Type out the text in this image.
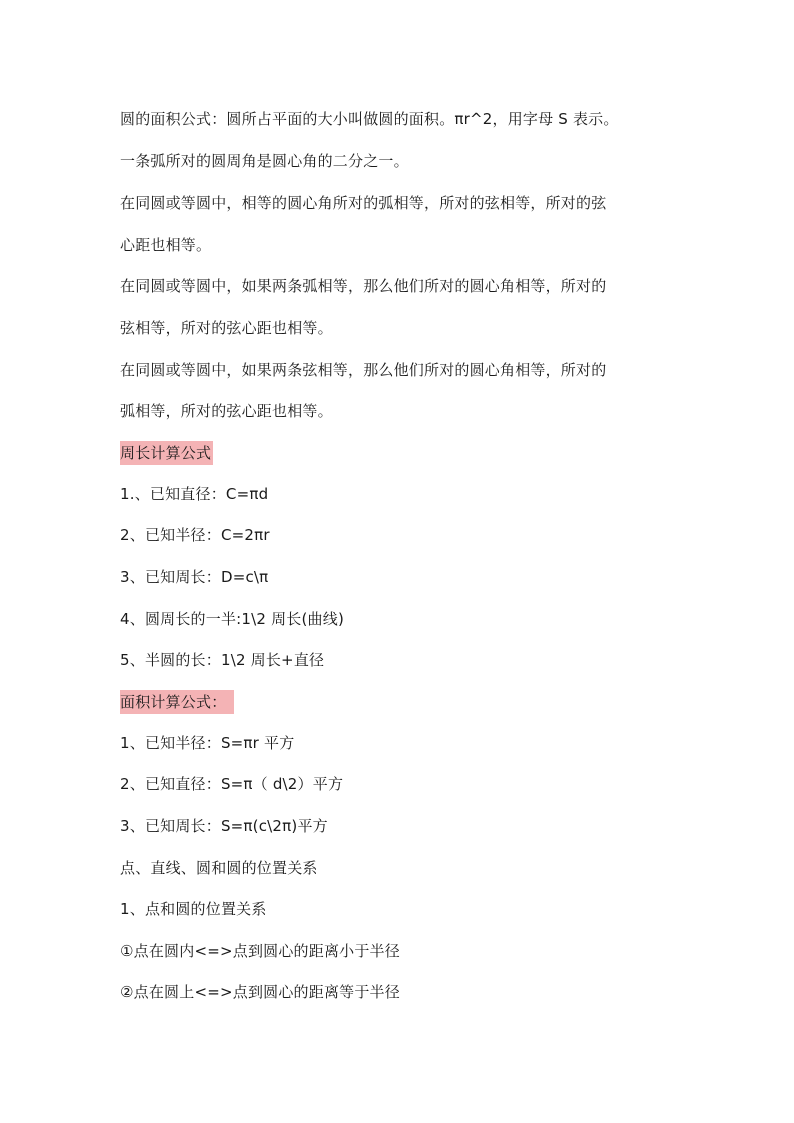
圆的面积公式：圆所占平面的大小叫做圆的面积。πr^2，用字母 S 表示。
一条弧所对的圆周角是圆心角的二分之一。
在同圆或等圆中，相等的圆心角所对的弧相等，所对的弦相等，所对的弦
心距也相等。
在同圆或等圆中，如果两条弧相等，那么他们所对的圆心角相等，所对的
弦相等，所对的弦心距也相等。
在同圆或等圆中，如果两条弦相等，那么他们所对的圆心角相等，所对的
弧相等，所对的弦心距也相等。
周长计算公式
1.、已知直径：C=πd
2、已知半径：C=2πr
3、已知周长：D=c\π
4、圆周长的一半:1\2 周长(曲线)
5、半圆的长：1\2 周长+直径
面积计算公式：
1、已知半径：S=πr 平方
2、已知直径：S=π（ d\2）平方
3、已知周长：S=π(c\2π)平方
点、直线、圆和圆的位置关系
1、点和圆的位置关系
①点在圆内<=>点到圆心的距离小于半径
②点在圆上<=>点到圆心的距离等于半径
